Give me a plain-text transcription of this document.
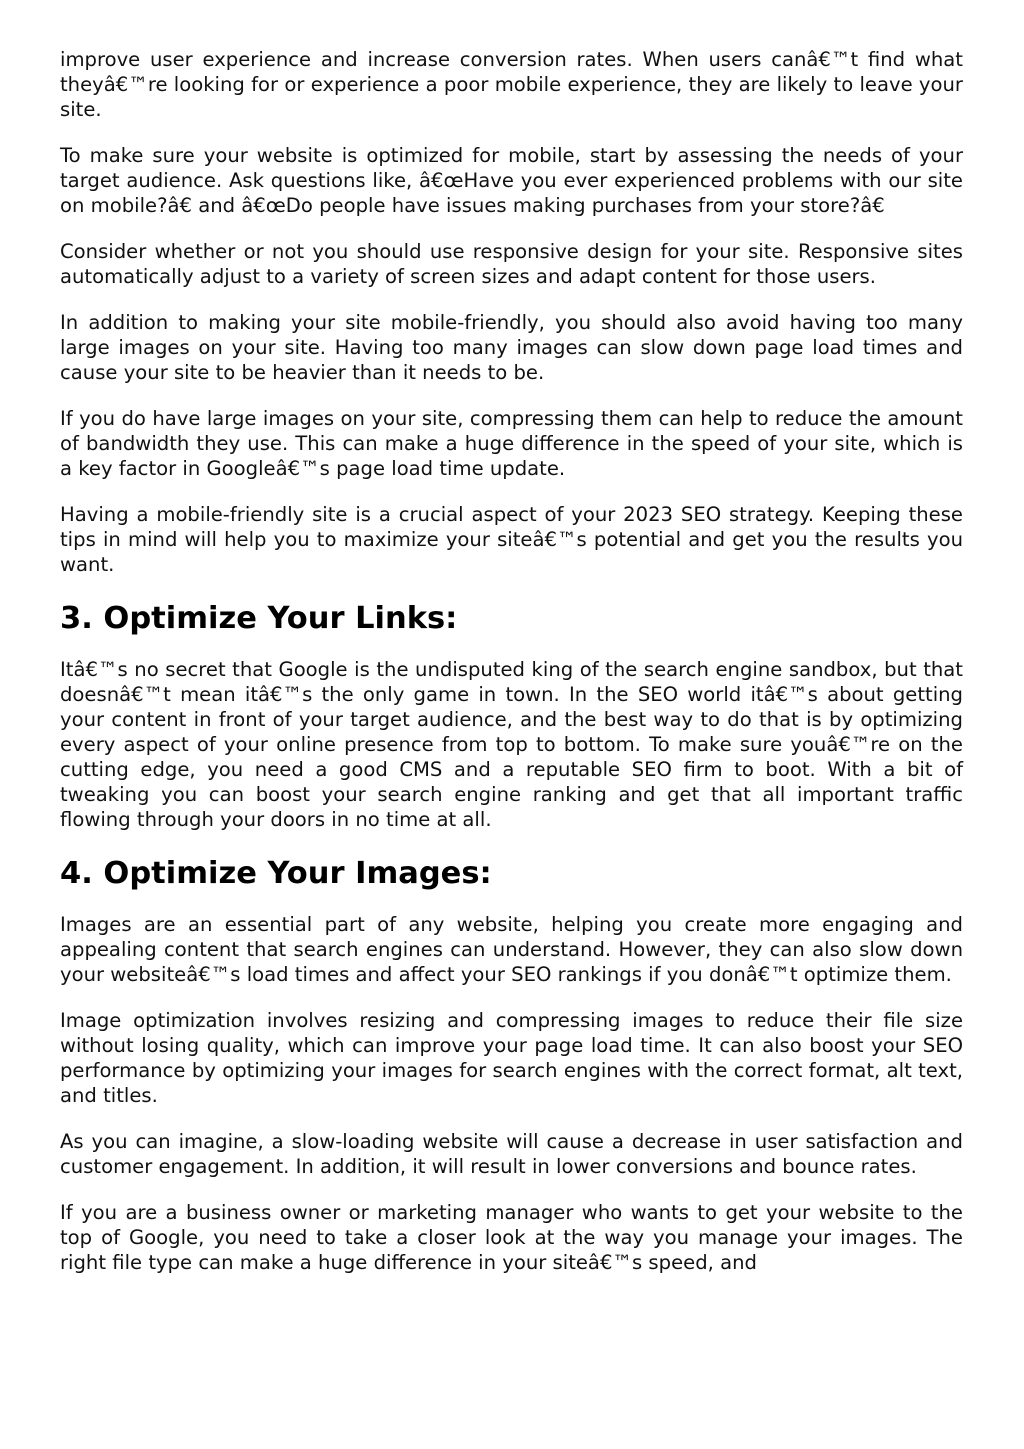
improve user experience and increase conversion rates. When users canâ€™t find what theyâ€™re looking for or experience a poor mobile experience, they are likely to leave your site.

To make sure your website is optimized for mobile, start by assessing the needs of your target audience. Ask questions like, â€œHave you ever experienced problems with our site on mobile?â€ and â€œDo people have issues making purchases from your store?â€

Consider whether or not you should use responsive design for your site. Responsive sites automatically adjust to a variety of screen sizes and adapt content for those users.

In addition to making your site mobile-friendly, you should also avoid having too many large images on your site. Having too many images can slow down page load times and cause your site to be heavier than it needs to be.

If you do have large images on your site, compressing them can help to reduce the amount of bandwidth they use. This can make a huge difference in the speed of your site, which is a key factor in Googleâ€™s page load time update.

Having a mobile-friendly site is a crucial aspect of your 2023 SEO strategy. Keeping these tips in mind will help you to maximize your siteâ€™s potential and get you the results you want.

3. Optimize Your Links:

Itâ€™s no secret that Google is the undisputed king of the search engine sandbox, but that doesnâ€™t mean itâ€™s the only game in town. In the SEO world itâ€™s about getting your content in front of your target audience, and the best way to do that is by optimizing every aspect of your online presence from top to bottom. To make sure youâ€™re on the cutting edge, you need a good CMS and a reputable SEO firm to boot. With a bit of tweaking you can boost your search engine ranking and get that all important traffic flowing through your doors in no time at all.

4. Optimize Your Images:

Images are an essential part of any website, helping you create more engaging and appealing content that search engines can understand. However, they can also slow down your websiteâ€™s load times and affect your SEO rankings if you donâ€™t optimize them.

Image optimization involves resizing and compressing images to reduce their file size without losing quality, which can improve your page load time. It can also boost your SEO performance by optimizing your images for search engines with the correct format, alt text, and titles.

As you can imagine, a slow-loading website will cause a decrease in user satisfaction and customer engagement. In addition, it will result in lower conversions and bounce rates.

If you are a business owner or marketing manager who wants to get your website to the top of Google, you need to take a closer look at the way you manage your images. The right file type can make a huge difference in your siteâ€™s speed, and
